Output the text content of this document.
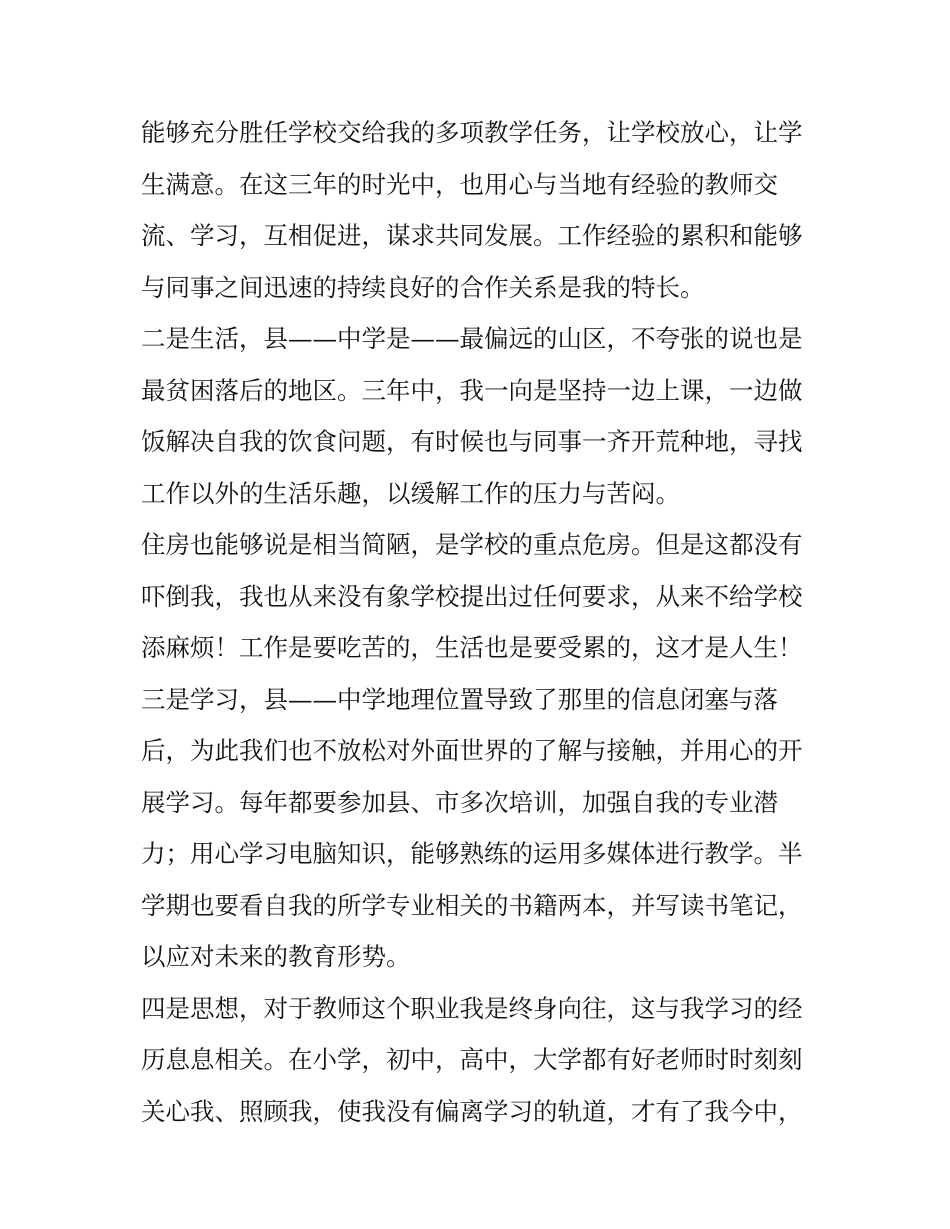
能够充分胜任学校交给我的多项教学任务，让学校放心，让学
生满意。在这三年的时光中，也用心与当地有经验的教师交
流、学习，互相促进，谋求共同发展。工作经验的累积和能够
与同事之间迅速的持续良好的合作关系是我的特长。
二是生活，县——中学是——最偏远的山区，不夸张的说也是
最贫困落后的地区。三年中，我一向是坚持一边上课，一边做
饭解决自我的饮食问题，有时候也与同事一齐开荒种地，寻找
工作以外的生活乐趣，以缓解工作的压力与苦闷。
住房也能够说是相当简陋，是学校的重点危房。但是这都没有
吓倒我，我也从来没有象学校提出过任何要求，从来不给学校
添麻烦！工作是要吃苦的，生活也是要受累的，这才是人生！
三是学习，县——中学地理位置导致了那里的信息闭塞与落
后，为此我们也不放松对外面世界的了解与接触，并用心的开
展学习。每年都要参加县、市多次培训，加强自我的专业潜
力；用心学习电脑知识，能够熟练的运用多媒体进行教学。半
学期也要看自我的所学专业相关的书籍两本，并写读书笔记，
以应对未来的教育形势。
四是思想，对于教师这个职业我是终身向往，这与我学习的经
历息息相关。在小学，初中，高中，大学都有好老师时时刻刻
关心我、照顾我，使我没有偏离学习的轨道，才有了我今中，
